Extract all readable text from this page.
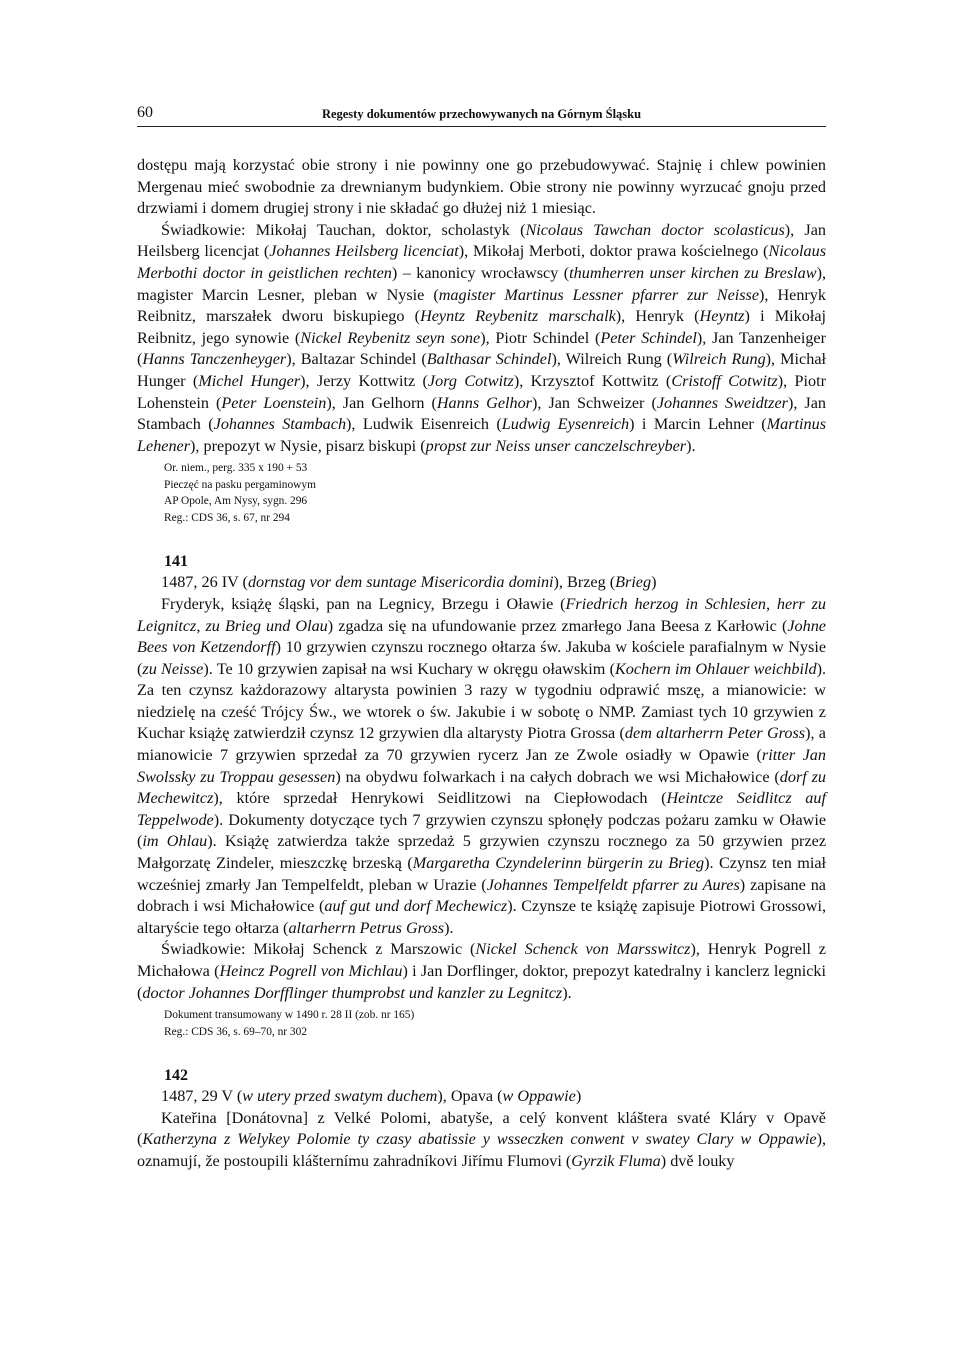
60	Regesty dokumentów przechowywanych na Górnym Śląsku

dostępu mają korzystać obie strony i nie powinny one go przebudowywać. Stajnię i chlew powinien Mergenau mieć swobodnie za drewnianym budynkiem. Obie strony nie powinny wyrzucać gnoju przed drzwiami i domem drugiej strony i nie składać go dłużej niż 1 miesiąc.

Świadkowie: Mikołaj Tauchan, doktor, scholastyk (Nicolaus Tawchan doctor scolasticus), Jan Heilsberg licencjat (Johannes Heilsberg licenciat), Mikołaj Merboti, doktor prawa kościelnego (Nicolaus Merbothi doctor in geistlichen rechten) – kanonicy wrocławscy (thumherren unser kirchen zu Breslaw), magister Marcin Lesner, pleban w Nysie (magister Martinus Lessner pfarrer zur Neisse), Henryk Reibnitz, marszałek dworu biskupiego (Heyntz Reybenitz marschalk), Henryk (Heyntz) i Mikołaj Reibnitz, jego synowie (Nickel Reybenitz seyn sone), Piotr Schindel (Peter Schindel), Jan Tanzenheiger (Hanns Tanczenheyger), Baltazar Schindel (Balthasar Schindel), Wilreich Rung (Wilreich Rung), Michał Hunger (Michel Hunger), Jerzy Kottwitz (Jorg Cotwitz), Krzysztof Kottwitz (Cristoff Cotwitz), Piotr Lohenstein (Peter Loenstein), Jan Gelhorn (Hanns Gelhor), Jan Schweizer (Johannes Sweidtzer), Jan Stambach (Johannes Stambach), Ludwik Eisenreich (Ludwig Eysenreich) i Marcin Lehner (Martinus Lehener), prepozyt w Nysie, pisarz biskupi (propst zur Neiss unser canczelschreyber).

Or. niem., perg. 335 x 190 + 53
Pieczęć na pasku pergaminowym
AP Opole, Am Nysy, sygn. 296
Reg.: CDS 36, s. 67, nr 294
141
1487, 26 IV (dornstag vor dem suntage Misericordia domini), Brzeg (Brieg)

Fryderyk, książę śląski, pan na Legnicy, Brzegu i Oławie (Friedrich herzog in Schlesien, herr zu Leignitcz, zu Brieg und Olau) zgadza się na ufundowanie przez zmarłego Jana Beesa z Karłowic (Johne Bees von Ketzendorff) 10 grzywien czynszu rocznego ołtarza św. Jakuba w kościele parafialnym w Nysie (zu Neisse). Te 10 grzywien zapisał na wsi Kuchary w okręgu oławskim (Kochern im Ohlauer weichbild). Za ten czynsz każdorazowy altarysta powinien 3 razy w tygodniu odprawić mszę, a mianowicie: w niedzielę na cześć Trójcy Św., we wtorek o św. Jakubie i w sobotę o NMP. Zamiast tych 10 grzywien z Kuchar książę zatwierdził czynsz 12 grzywien dla altarysty Piotra Grossa (dem altarherrn Peter Gross), a mianowicie 7 grzywien sprzedał za 70 grzywien rycerz Jan ze Zwole osiadły w Opawie (ritter Jan Swolssky zu Troppau gesessen) na obydwu folwarkach i na całych dobrach we wsi Michałowice (dorf zu Mechewitcz), które sprzedał Henrykowi Seidlitzowi na Ciepłowodach (Heintcze Seidlitcz auf Teppelwode). Dokumenty dotyczące tych 7 grzywien czynszu spłonęły podczas pożaru zamku w Oławie (im Ohlau). Książę zatwierdza także sprzedaż 5 grzywien czynszu rocznego za 50 grzywien przez Małgorzatę Zindeler, mieszczkę brzeską (Margaretha Czyndelerinn bürgerin zu Brieg). Czynsz ten miał wcześniej zmarły Jan Tempelfeldt, pleban w Urazie (Johannes Tempelfeldt pfarrer zu Aures) zapisane na dobrach i wsi Michałowice (auf gut und dorf Mechewicz). Czynsze te książę zapisuje Piotrowi Grossowi, altaryście tego ołtarza (altarherrn Petrus Gross).

Świadkowie: Mikołaj Schenck z Marszowic (Nickel Schenck von Marsswitcz), Henryk Pogrell z Michałowa (Heincz Pogrell von Michlau) i Jan Dorflinger, doktor, prepozyt katedralny i kanclerz legnicki (doctor Johannes Dorfflinger thumprobst und kanzler zu Legnitcz).

Dokument transumowany w 1490 r. 28 II (zob. nr 165)
Reg.: CDS 36, s. 69–70, nr 302
142
1487, 29 V (w utery przed swatym duchem), Opava (w Oppawie)

Kateřina [Donátovna] z Velké Polomi, abatyše, a celý konvent kláštera svaté Kláry v Opavě (Katherzyna z Welykey Polomie ty czasy abatissie y wsseczken conwent v swatey Clary w Oppawie), oznamují, že postoupili klášternímu zahradníkovi Jiřímu Flumovi (Gyrzik Fluma) dvě louky
